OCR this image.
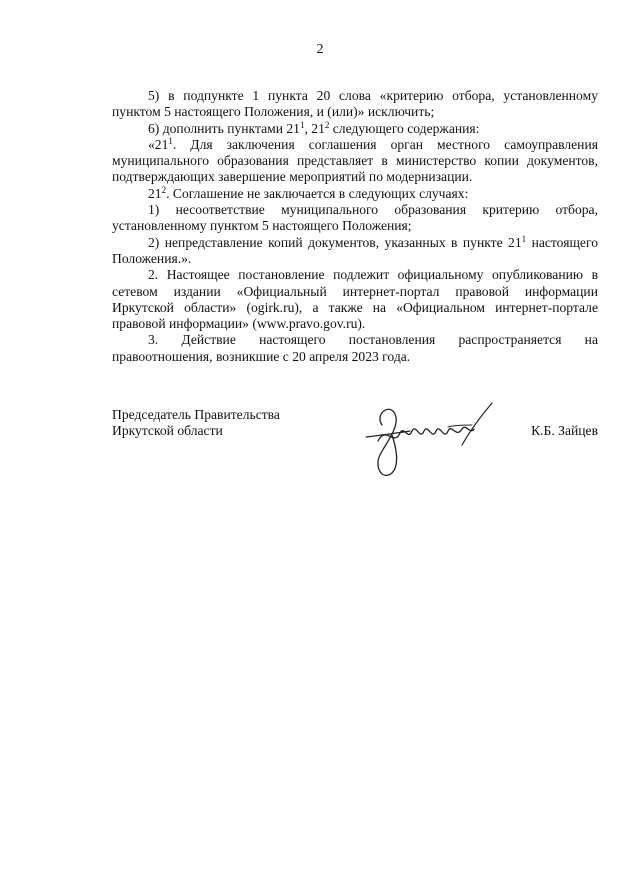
2

5) в подпункте 1 пункта 20 слова «критерию отбора, установленному пунктом 5 настоящего Положения, и (или)» исключить;

6) дополнить пунктами $21^1$, $21^2$ следующего содержания:

«$21^1$. Для заключения соглашения орган местного самоуправления муниципального образования представляет в министерство копии документов, подтверждающих завершение мероприятий по модернизации.

$21^2$. Соглашение не заключается в следующих случаях:

1) несоответствие муниципального образования критерию отбора, установленному пунктом 5 настоящего Положения;

2) непредставление копий документов, указанных в пункте $21^1$ настоящего Положения.».

2. Настоящее постановление подлежит официальному опубликованию в сетевом издании «Официальный интернет-портал правовой информации Иркутской области» (ogirk.ru), а также на «Официальном интернет-портале правовой информации» (www.pravo.gov.ru).

3. Действие настоящего постановления распространяется на правоотношения, возникшие с 20 апреля 2023 года.

Председатель Правительства
Иркутской области	К.Б. Зайцев
